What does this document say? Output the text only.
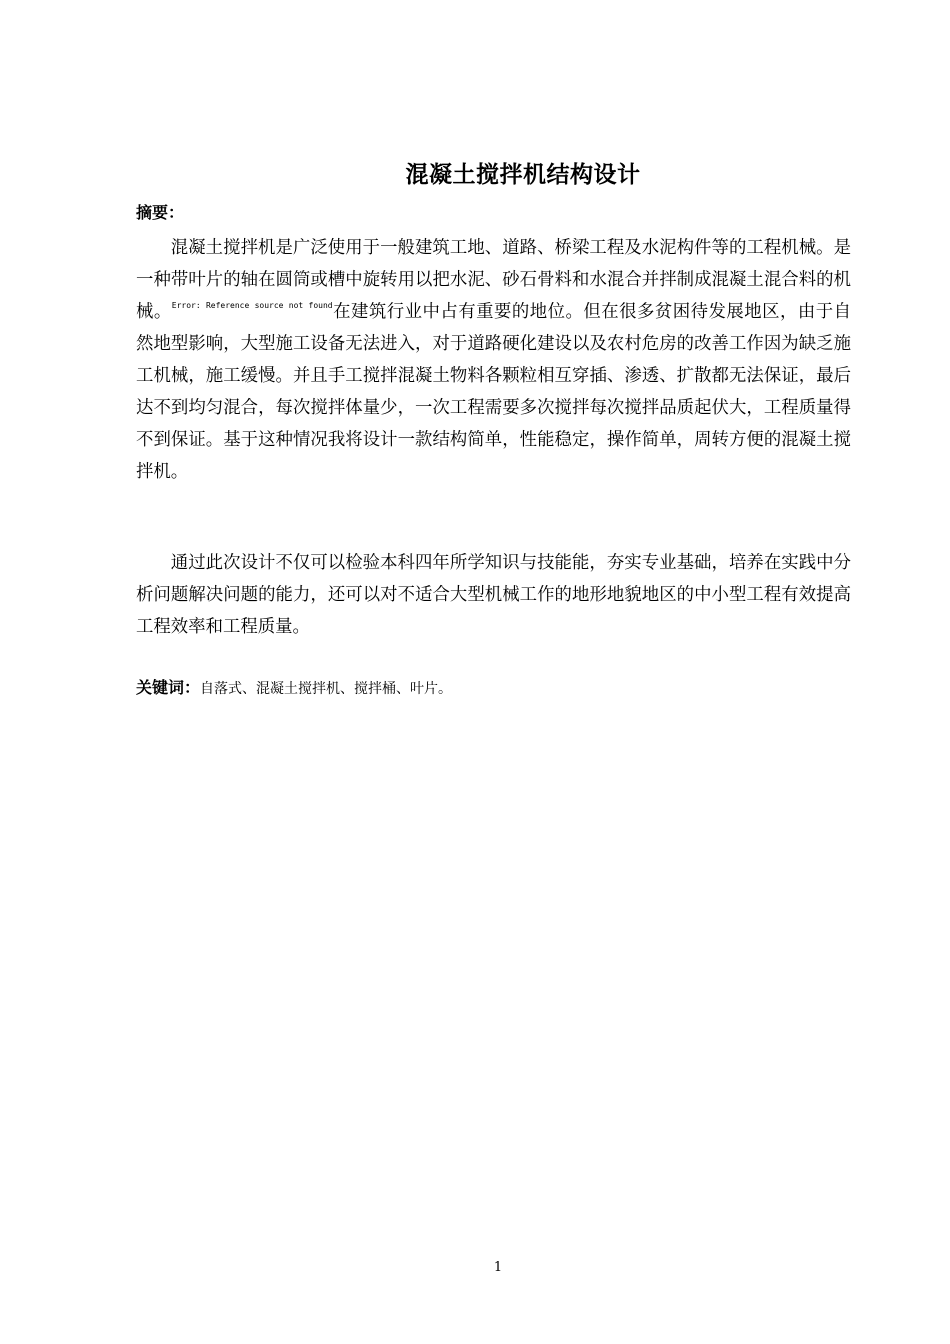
混凝土搅拌机结构设计
摘要：

混凝土搅拌机是广泛使用于一般建筑工地、道路、桥梁工程及水泥构件等的工程机械。是一种带叶片的轴在圆筒或槽中旋转用以把水泥、砂石骨料和水混合并拌制成混凝土混合料的机械。$^{Error: Reference source not found}$在建筑行业中占有重要的地位。但在很多贫困待发展地区，由于自然地型影响，大型施工设备无法进入，对于道路硬化建设以及农村危房的改善工作因为缺乏施工机械，施工缓慢。并且手工搅拌混凝土物料各颗粒相互穿插、渗透、扩散都无法保证，最后达不到均匀混合，每次搅拌体量少，一次工程需要多次搅拌每次搅拌品质起伏大，工程质量得不到保证。基于这种情况我将设计一款结构简单，性能稳定，操作简单，周转方便的混凝土搅拌机。

通过此次设计不仅可以检验本科四年所学知识与技能能，夯实专业基础，培养在实践中分析问题解决问题的能力，还可以对不适合大型机械工作的地形地貌地区的中小型工程有效提高工程效率和工程质量。

关键词：自落式、混凝土搅拌机、搅拌桶、叶片。
1
